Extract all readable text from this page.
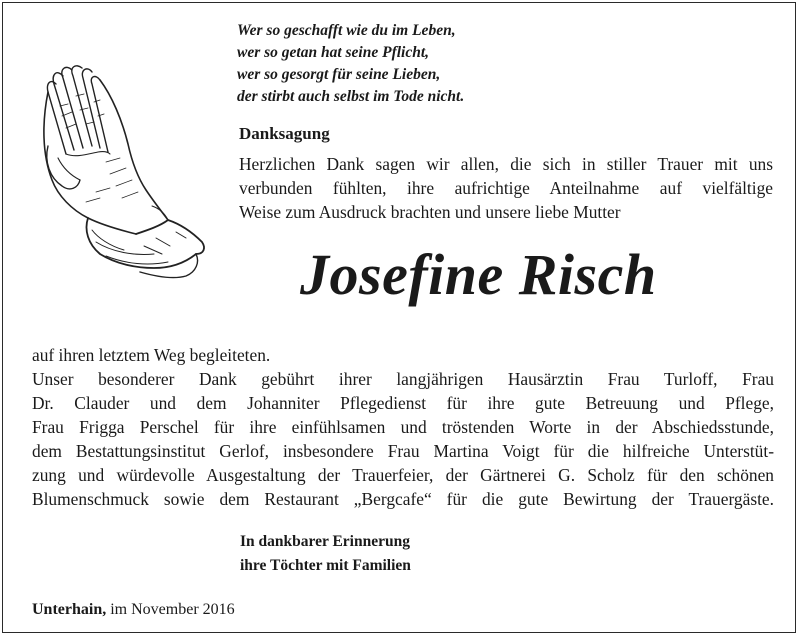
Wer so geschafft wie du im Leben,
wer so getan hat seine Pflicht,
wer so gesorgt für seine Lieben,
der stirbt auch selbst im Tode nicht.
Danksagung
Herzlichen Dank sagen wir allen, die sich in stiller Trauer mit uns
verbunden fühlten, ihre aufrichtige Anteilnahme auf vielfältige
Weise zum Ausdruck brachten und unsere liebe Mutter
Josefine Risch
auf ihren letztem Weg begleiteten.
Unser besonderer Dank gebührt ihrer langjährigen Hausärztin Frau Turloff, Frau
Dr. Clauder und dem Johanniter Pflegedienst für ihre gute Betreuung und Pflege,
Frau Frigga Perschel für ihre einfühlsamen und tröstenden Worte in der Abschiedsstunde,
dem Bestattungsinstitut Gerlof, insbesondere Frau Martina Voigt für die hilfreiche Unterstüt-
zung und würdevolle Ausgestaltung der Trauerfeier, der Gärtnerei G. Scholz für den schönen
Blumenschmuck sowie dem Restaurant „Bergcafe“ für die gute Bewirtung der Trauergäste.
In dankbarer Erinnerung
ihre Töchter mit Familien
Unterhain, im November 2016
